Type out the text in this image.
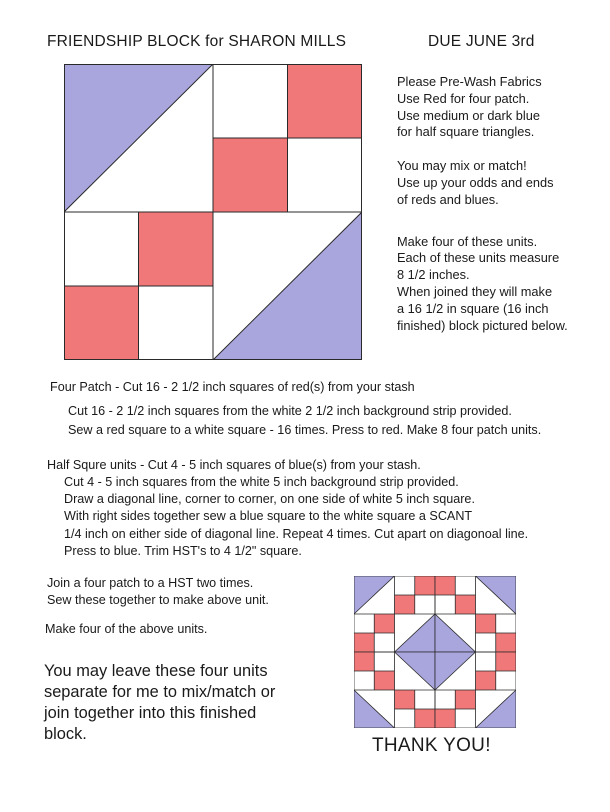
FRIENDSHIP BLOCK for SHARON MILLS	DUE JUNE 3rd
Please Pre-Wash Fabrics
Use Red for four patch.
Use medium or dark blue
for half square triangles.
You may mix or match!
Use up your odds and ends
of reds and blues.
Make four of these units.
Each of these units measure
8 1/2 inches.
When joined they will make
a 16 1/2 in square (16 inch
finished) block pictured below.
Four Patch - Cut 16 - 2 1/2 inch squares of red(s) from your stash
Cut 16 - 2 1/2 inch squares from the white 2 1/2 inch background strip provided.
Sew a red square to a white square - 16 times. Press to red. Make 8 four patch units.
Half Squre units - Cut 4 - 5 inch squares of blue(s) from your stash.
Cut 4 - 5 inch squares from the white 5 inch background strip provided.
Draw a diagonal line, corner to corner, on one side of white 5 inch square.
With right sides together sew a blue square to the white square a SCANT
1/4 inch on either side of diagonal line. Repeat 4 times. Cut apart on diagonoal line.
Press to blue. Trim HST's to 4 1/2" square.
Join a four patch to a HST two times.
Sew these together to make above unit.
Make four of the above units.
You may leave these four units
separate for me to mix/match or
join together into this finished
block.
THANK YOU!
